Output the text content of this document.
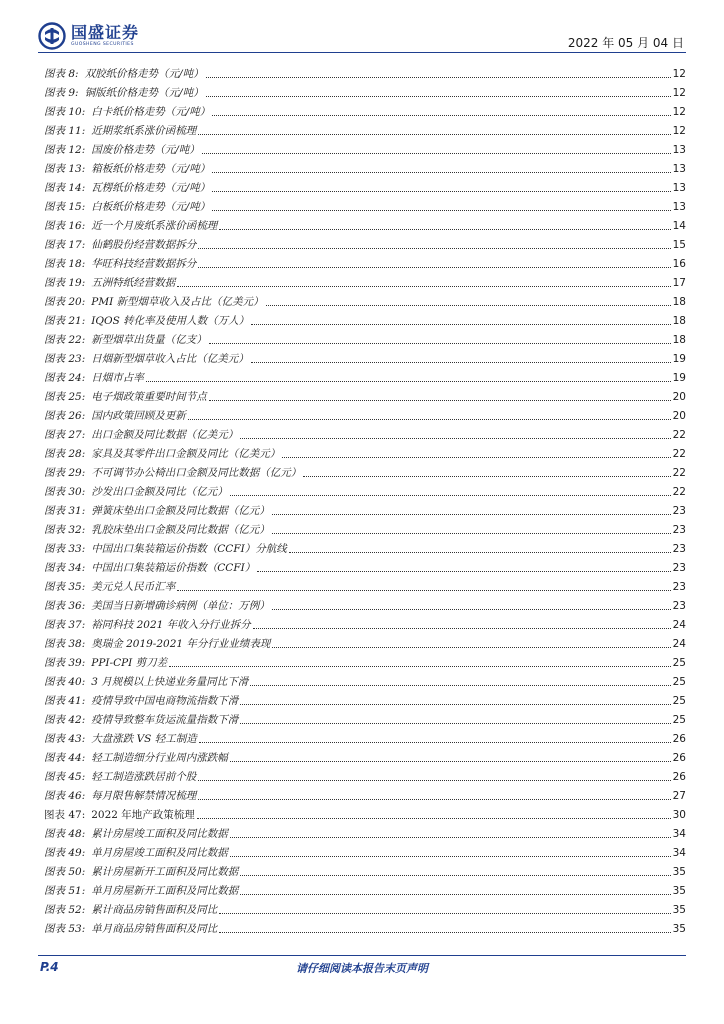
国盛证券
GUOSHENG SECURITIES	2022 年 05 月 04 日
图表 8: 双胶纸价格走势（元/吨）	12
图表 9: 铜版纸价格走势（元/吨）	12
图表 10: 白卡纸价格走势（元/吨）	12
图表 11: 近期浆纸系涨价函梳理	12
图表 12: 国废价格走势（元/吨）	13
图表 13: 箱板纸价格走势（元/吨）	13
图表 14: 瓦楞纸价格走势（元/吨）	13
图表 15: 白板纸价格走势（元/吨）	13
图表 16: 近一个月废纸系涨价函梳理	14
图表 17: 仙鹤股份经营数据拆分	15
图表 18: 华旺科技经营数据拆分	16
图表 19: 五洲特纸经营数据	17
图表 20: PMI 新型烟草收入及占比（亿美元）	18
图表 21: IQOS 转化率及使用人数（万人）	18
图表 22: 新型烟草出货量（亿支）	18
图表 23: 日烟新型烟草收入占比（亿美元）	19
图表 24: 日烟市占率	19
图表 25: 电子烟政策重要时间节点	20
图表 26: 国内政策回顾及更新	20
图表 27: 出口金额及同比数据（亿美元）	22
图表 28: 家具及其零件出口金额及同比（亿美元）	22
图表 29: 不可调节办公椅出口金额及同比数据（亿元）	22
图表 30: 沙发出口金额及同比（亿元）	22
图表 31: 弹簧床垫出口金额及同比数据（亿元）	23
图表 32: 乳胶床垫出口金额及同比数据（亿元）	23
图表 33: 中国出口集装箱运价指数（CCFI）分航线	23
图表 34: 中国出口集装箱运价指数（CCFI）	23
图表 35: 美元兑人民币汇率	23
图表 36: 美国当日新增确诊病例（单位：万例）	23
图表 37: 裕同科技 2021 年收入分行业拆分	24
图表 38: 奥瑞金 2019-2021 年分行业业绩表现	24
图表 39: PPI-CPI 剪刀差	25
图表 40: 3 月规模以上快递业务量同比下滑	25
图表 41: 疫情导致中国电商物流指数下滑	25
图表 42: 疫情导致整车货运流量指数下滑	25
图表 43: 大盘涨跌 VS 轻工制造	26
图表 44: 轻工制造细分行业周内涨跌幅	26
图表 45: 轻工制造涨跌居前个股	26
图表 46: 每月限售解禁情况梳理	27
图表 47: 2022 年地产政策梳理	30
图表 48: 累计房屋竣工面积及同比数据	34
图表 49: 单月房屋竣工面积及同比数据	34
图表 50: 累计房屋新开工面积及同比数据	35
图表 51: 单月房屋新开工面积及同比数据	35
图表 52: 累计商品房销售面积及同比	35
图表 53: 单月商品房销售面积及同比	35
请仔细阅读本报告末页声明
P.4
